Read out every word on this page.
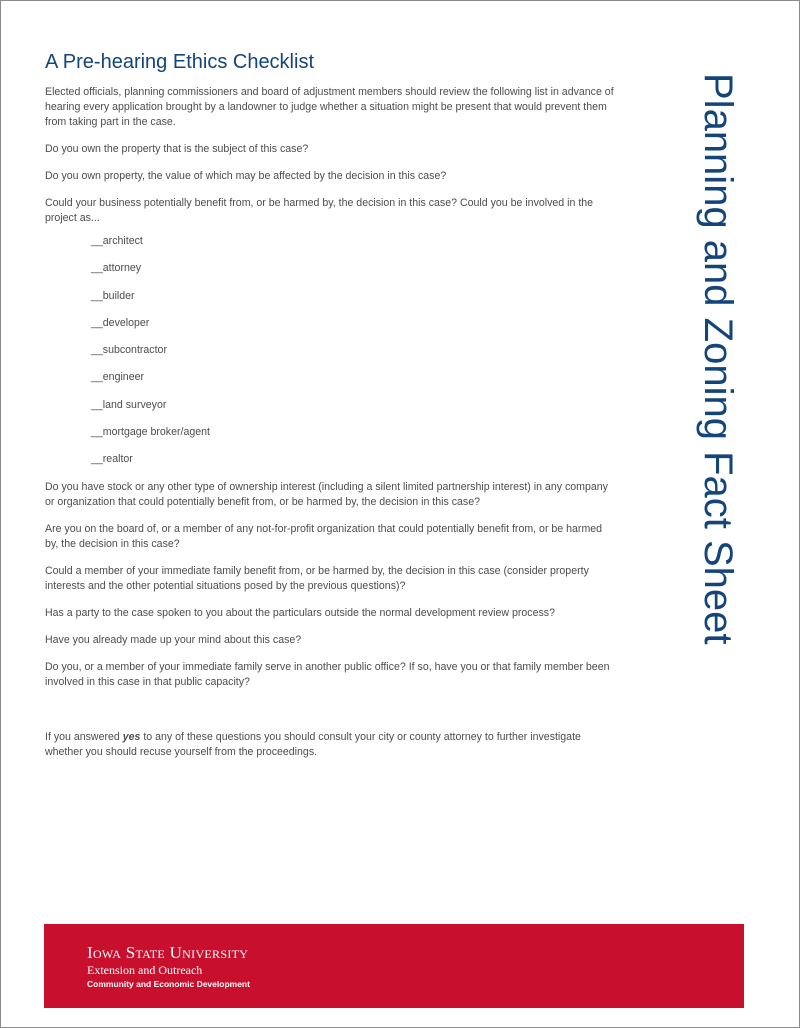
A Pre-hearing Ethics Checklist

Elected officials, planning commissioners and board of adjustment members should review the following list in advance of hearing every application brought by a landowner to judge whether a situation might be present that would prevent them from taking part in the case.

Do you own the property that is the subject of this case?

Do you own property, the value of which may be affected by the decision in this case?

Could your business potentially benefit from, or be harmed by, the decision in this case? Could you be involved in the project as...

__architect
__attorney
__builder
__developer
__subcontractor
__engineer
__land surveyor
__mortgage broker/agent
__realtor

Do you have stock or any other type of ownership interest (including a silent limited partnership interest) in any company or organization that could potentially benefit from, or be harmed by, the decision in this case?

Are you on the board of, or a member of any not-for-profit organization that could potentially benefit from, or be harmed by, the decision in this case?

Could a member of your immediate family benefit from, or be harmed by, the decision in this case (consider property interests and the other potential situations posed by the previous questions)?

Has a party to the case spoken to you about the particulars outside the normal development review process?

Have you already made up your mind about this case?

Do you, or a member of your immediate family serve in another public office? If so, have you or that family member been involved in this case in that public capacity?

If you answered yes to any of these questions you should consult your city or county attorney to further investigate whether you should recuse yourself from the proceedings.

Planning and Zoning Fact Sheet
Iowa State University
Extension and Outreach
Community and Economic Development
